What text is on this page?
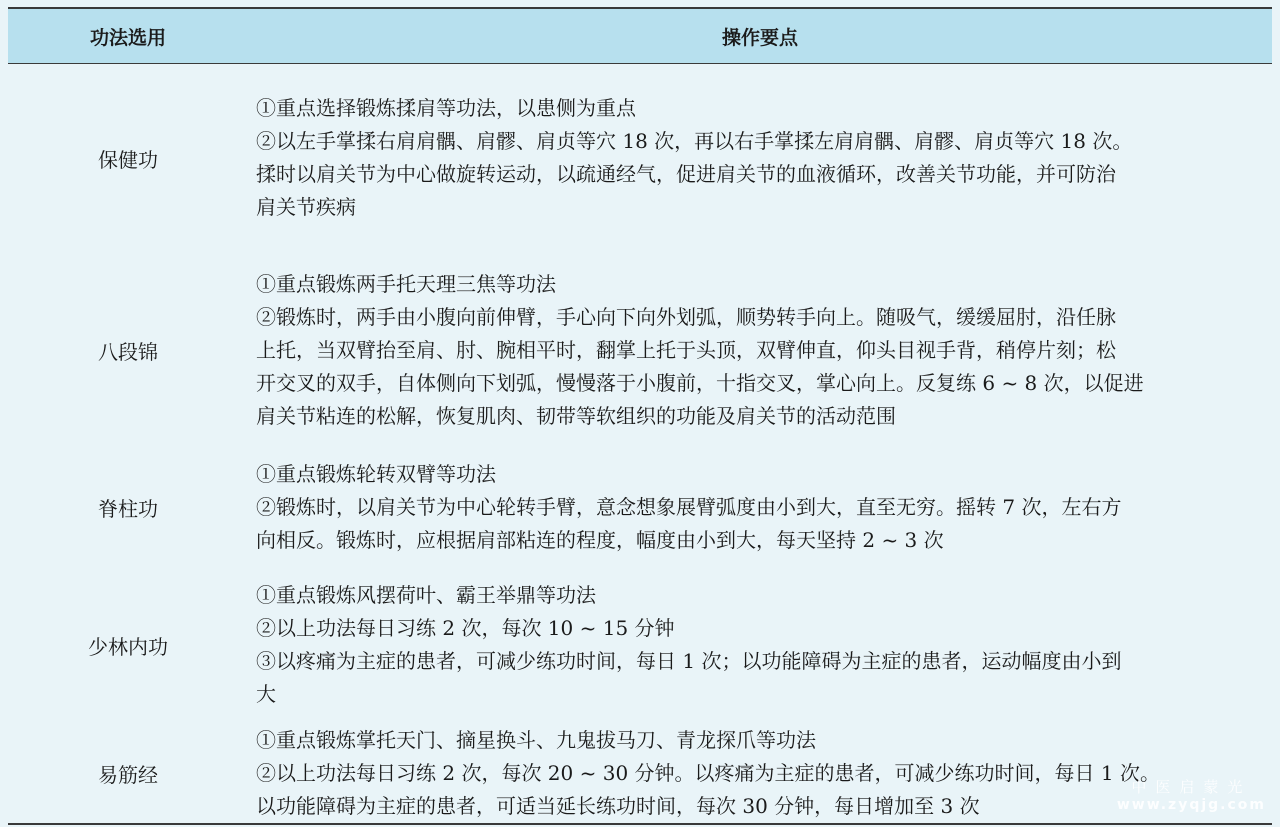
功法选用	操作要点
保健功
①重点选择锻炼揉肩等功法，以患侧为重点
②以左手掌揉右肩肩髃、肩髎、肩贞等穴 18 次，再以右手掌揉左肩肩髃、肩髎、肩贞等穴 18 次。
揉时以肩关节为中心做旋转运动，以疏通经气，促进肩关节的血液循环，改善关节功能，并可防治
肩关节疾病
八段锦
①重点锻炼两手托天理三焦等功法
②锻炼时，两手由小腹向前伸臂，手心向下向外划弧，顺势转手向上。随吸气，缓缓屈肘，沿任脉
上托，当双臂抬至肩、肘、腕相平时，翻掌上托于头顶，双臂伸直，仰头目视手背，稍停片刻；松
开交叉的双手，自体侧向下划弧，慢慢落于小腹前，十指交叉，掌心向上。反复练 6 ~ 8 次，以促进
肩关节粘连的松解，恢复肌肉、韧带等软组织的功能及肩关节的活动范围
脊柱功
①重点锻炼轮转双臂等功法
②锻炼时，以肩关节为中心轮转手臂，意念想象展臂弧度由小到大，直至无穷。摇转 7 次，左右方
向相反。锻炼时，应根据肩部粘连的程度，幅度由小到大，每天坚持 2 ~ 3 次
少林内功
①重点锻炼风摆荷叶、霸王举鼎等功法
②以上功法每日习练 2 次，每次 10 ~ 15 分钟
③以疼痛为主症的患者，可减少练功时间，每日 1 次；以功能障碍为主症的患者，运动幅度由小到
大
易筋经
①重点锻炼掌托天门、摘星换斗、九鬼拔马刀、青龙探爪等功法
②以上功法每日习练 2 次，每次 20 ~ 30 分钟。以疼痛为主症的患者，可减少练功时间，每日 1 次。
以功能障碍为主症的患者，可适当延长练功时间，每次 30 分钟，每日增加至 3 次
中医启蒙光
www.zyqjg.com
